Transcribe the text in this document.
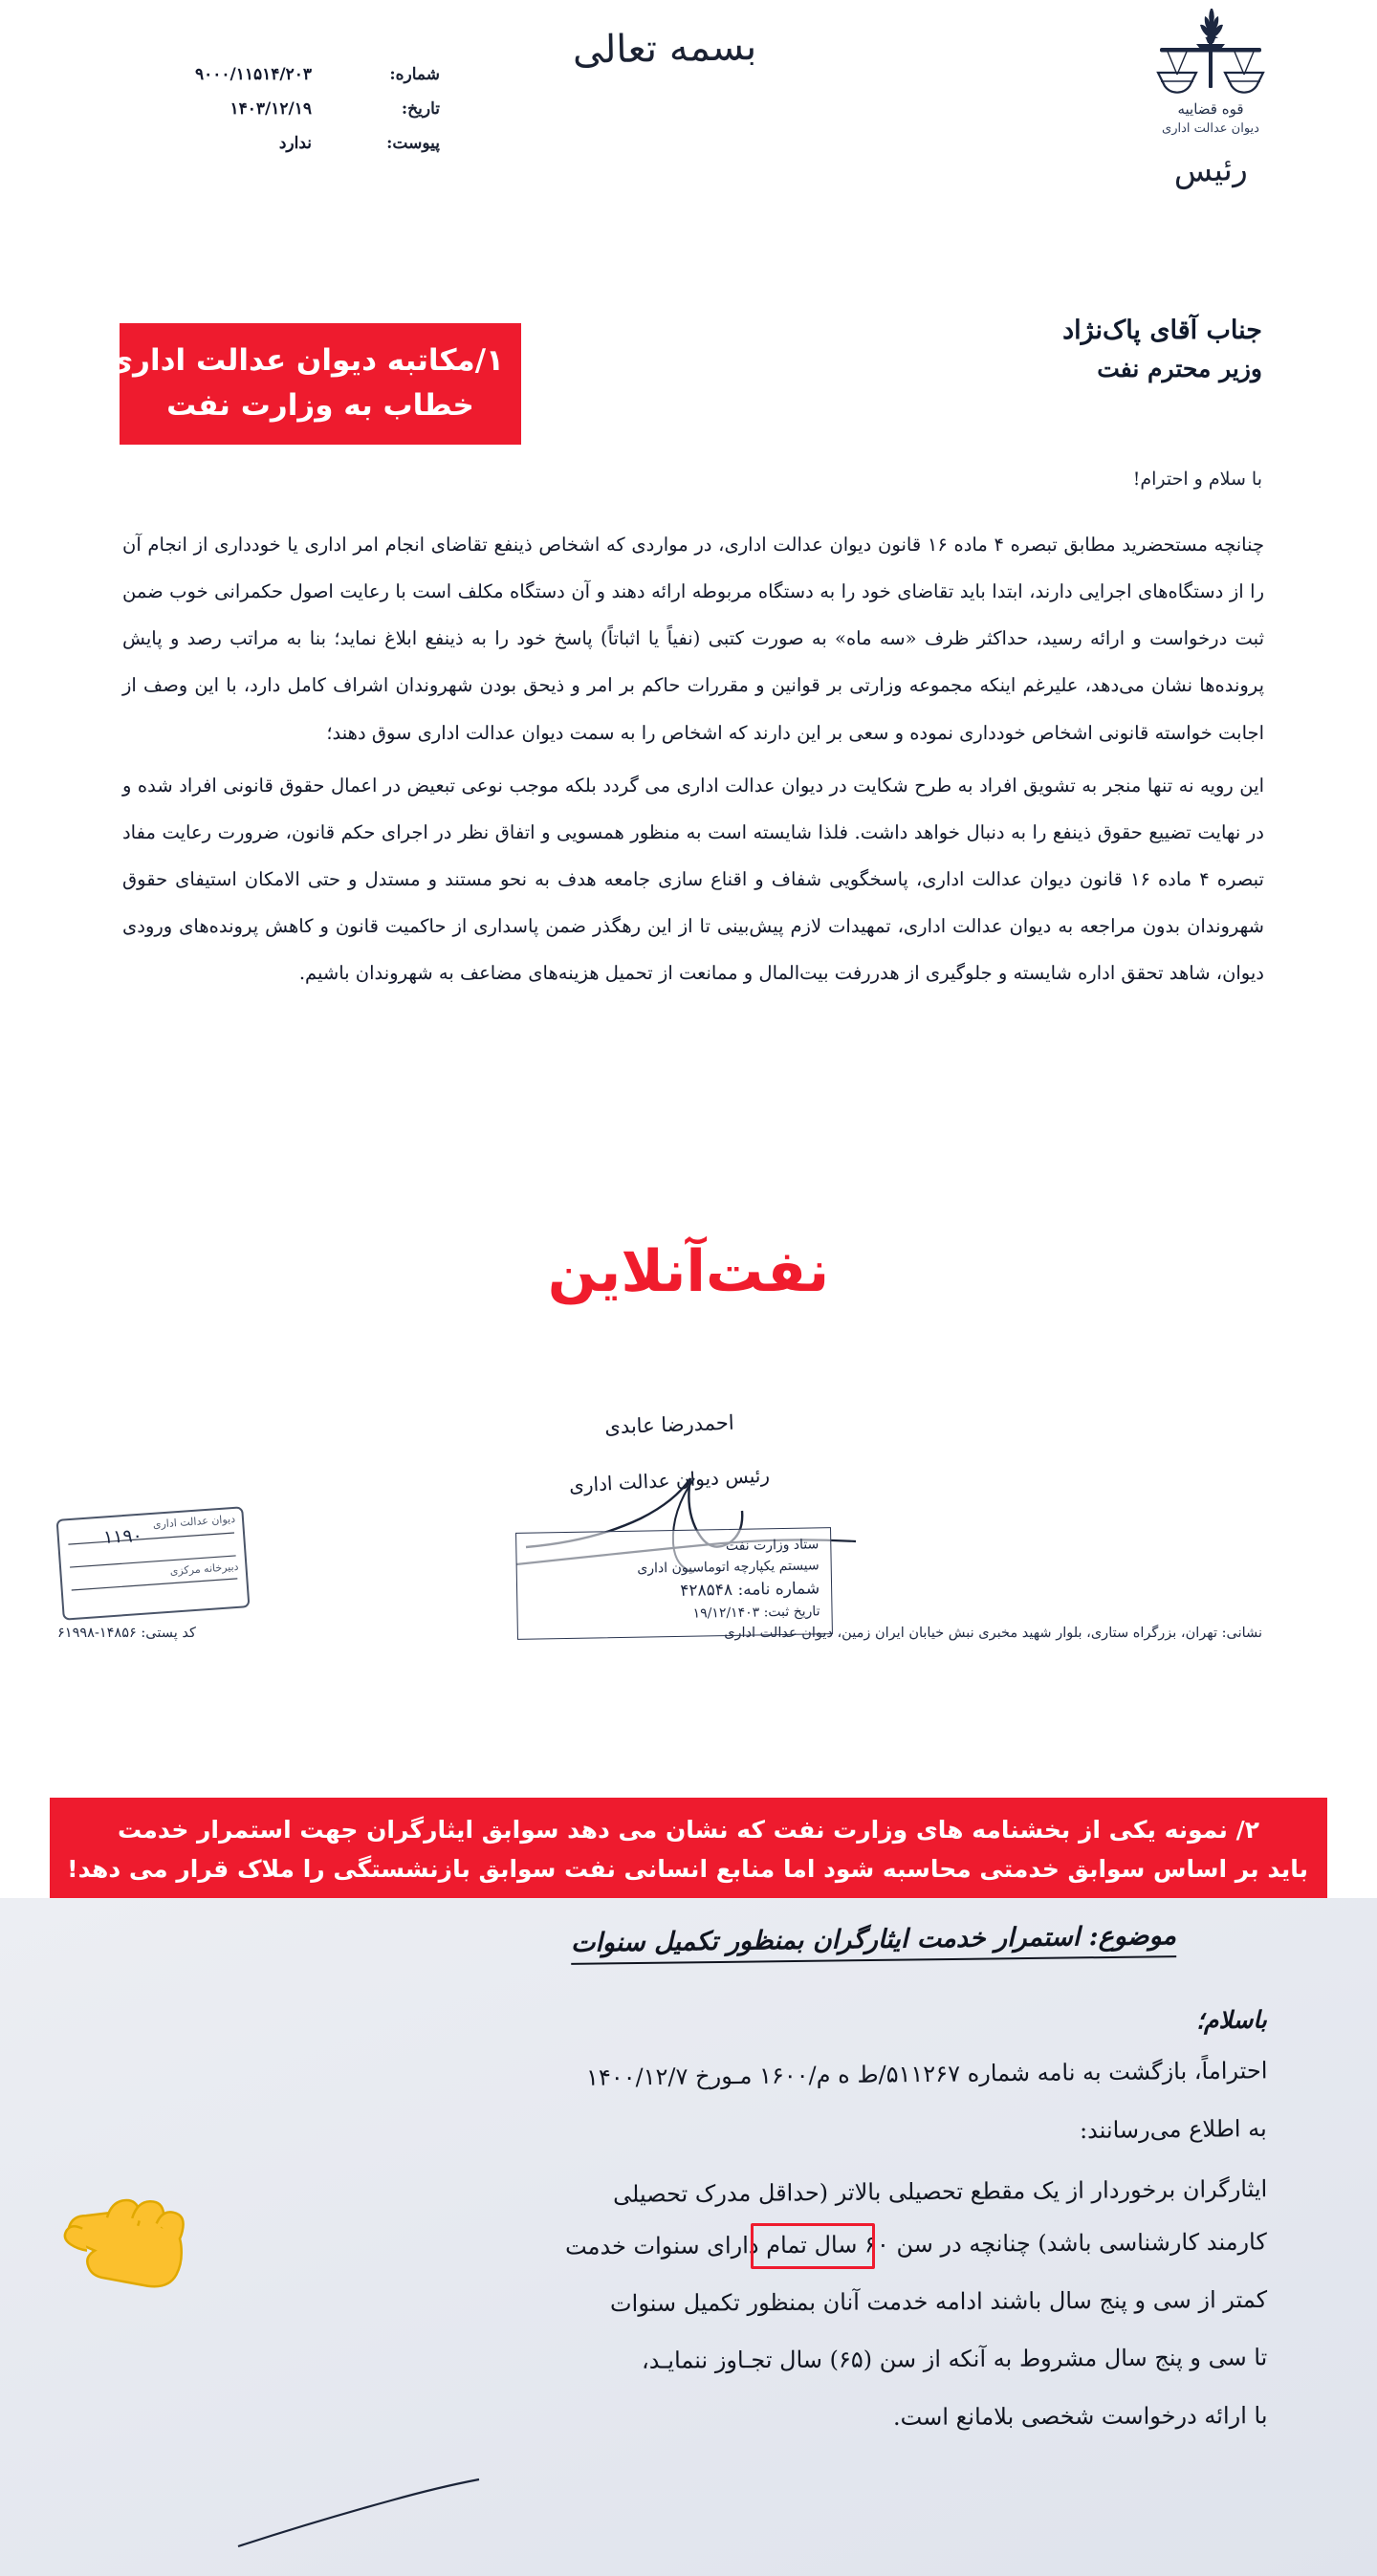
بسمه تعالی
قوه قضاییه
دیوان عدالت اداری
رئیس
شماره:
۹۰۰۰/۱۱۵۱۴/۲۰۳
تاریخ:
۱۴۰۳/۱۲/۱۹
پیوست:
ندارد
۱/مکاتبه دیوان عدالت اداری
خطاب به وزارت نفت
جناب آقای پاک‌نژاد
وزیر محترم نفت
با سلام و احترام!

چنانچه مستحضرید مطابق تبصره ۴ ماده ۱۶ قانون دیوان عدالت اداری، در مواردی که اشخاص ذینفع تقاضای انجام امر اداری یا خودداری از انجام آن را از دستگاه‌های اجرایی دارند، ابتدا باید تقاضای خود را به دستگاه مربوطه ارائه دهند و آن دستگاه مکلف است با رعایت اصول حکمرانی خوب ضمن ثبت درخواست و ارائه رسید، حداکثر ظرف «سه ماه» به صورت کتبی (نفیاً یا اثباتاً) پاسخ خود را به ذینفع ابلاغ نماید؛ بنا به مراتب رصد و پایش پرونده‌ها نشان می‌دهد، علیرغم اینکه مجموعه وزارتی بر قوانین و مقررات حاکم بر امر و ذیحق بودن شهروندان اشراف کامل دارد، با این وصف از اجابت خواسته قانونی اشخاص خودداری نموده و سعی بر این دارند که اشخاص را به سمت دیوان عدالت اداری سوق دهند؛

این رویه نه تنها منجر به تشویق افراد به طرح شکایت در دیوان عدالت اداری می گردد بلکه موجب نوعی تبعیض در اعمال حقوق قانونی افراد شده و در نهایت تضییع حقوق ذینفع را به دنبال خواهد داشت. فلذا شایسته است به منظور همسویی و اتفاق نظر در اجرای حکم قانون، ضرورت رعایت مفاد تبصره ۴ ماده ۱۶ قانون دیوان عدالت اداری، پاسخگویی شفاف و اقناع سازی جامعه هدف به نحو مستند و مستدل و حتی الامکان استیفای حقوق شهروندان بدون مراجعه به دیوان عدالت اداری، تمهیدات لازم پیش‌بینی تا از این رهگذر ضمن پاسداری از حاکمیت قانون و کاهش پرونده‌های ورودی دیوان، شاهد تحقق اداره شایسته و جلوگیری از هدررفت بیت‌المال و ممانعت از تحمیل هزینه‌های مضاعف به شهروندان باشیم.

نفت‌آنلاین
احمدرضا عابدی
رئیس دیوان عدالت اداری
ستاد وزارت نفت
سیستم یکپارچه اتوماسیون اداری
شماره نامه: ۴۲۸۵۴۸
تاریخ ثبت: ۱۹/۱۲/۱۴۰۳
دیوان عدالت اداری
دبیرخانه مرکزی
۱۱۹۰
نشانی: تهران، بزرگراه ستاری، بلوار شهید مخبری نبش خیابان ایران زمین، دیوان عدالت اداری
کد پستی: ۱۴۸۵۶-۶۱۹۹۸
۲/ نمونه یکی از بخشنامه های وزارت نفت که نشان می دهد سوابق ایثارگران جهت استمرار خدمت
باید بر اساس سوابق خدمتی محاسبه شود اما منابع انسانی نفت سوابق بازنشستگی را ملاک قرار می دهد!
موضوع: استمرار خدمت ایثارگران بمنظور تکمیل سنوات
باسلام؛
احتراماً، بازگشت به نامه شماره ۵۱۱۲۶۷/ط ه م/۱۶۰۰ مـورخ ۱۴۰۰/۱۲/۷
به اطلاع می‌رسانند:
ایثارگران برخوردار از یک مقطع تحصیلی بالاتر (حداقل مدرک تحصیلی
کارمند کارشناسی باشد) چنانچه در سن ۶۰ سال تمام دارای سنوات خدمت
کمتر از سی و پنج سال باشند ادامه خدمت آنان بمنظور تکمیل سنوات
تا سی و پنج سال مشروط به آنکه از سن (۶۵) سال تجـاوز ننمایـد،
با ارائه درخواست شخصی بلامانع است.
